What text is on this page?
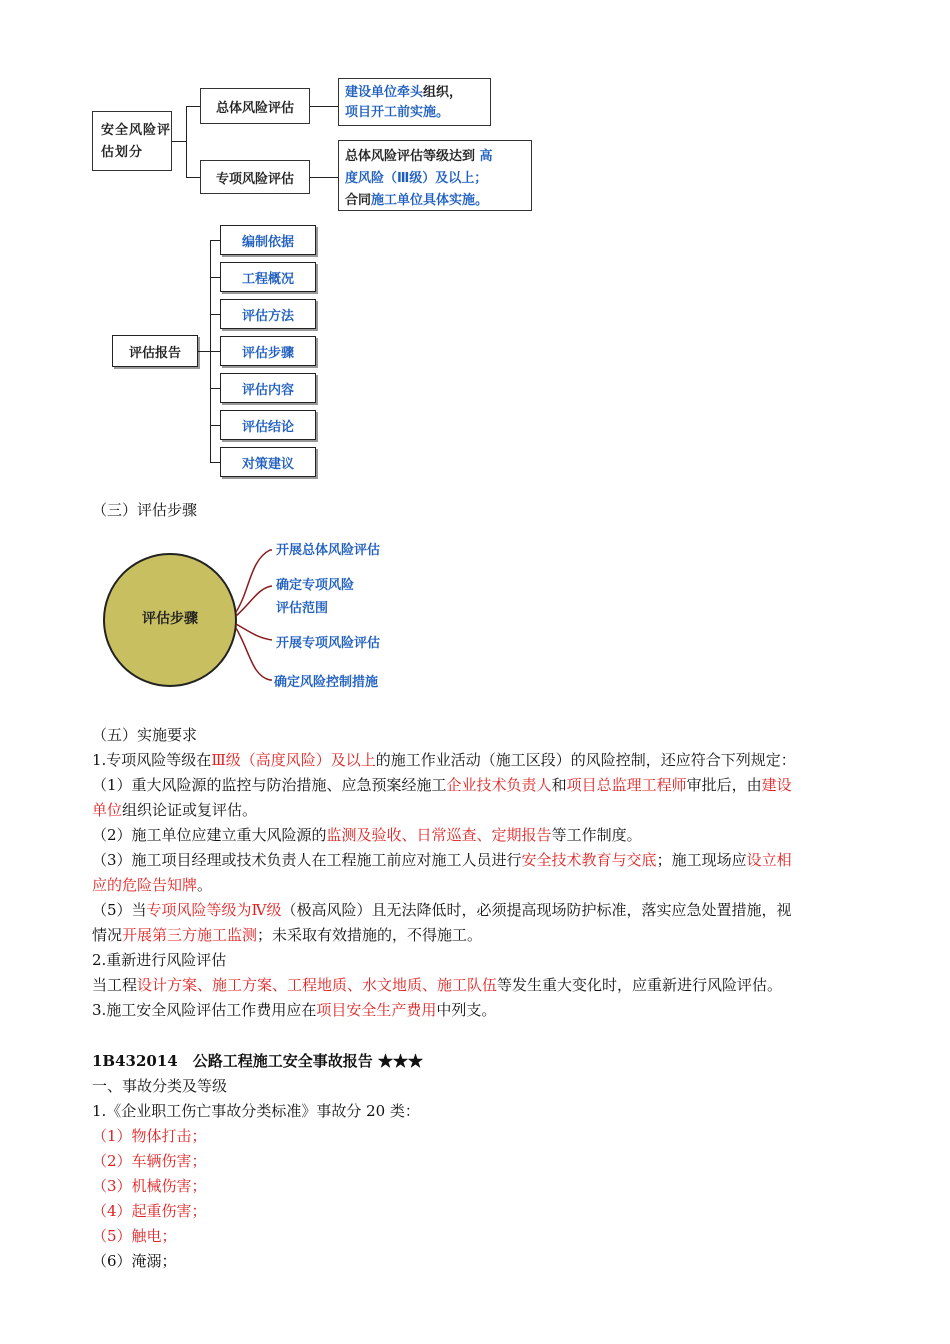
安全风险评估划分
总体风险评估
专项风险评估
建设单位牵头组织，
项目开工前实施。
总体风险评估等级达到 高
度风险（Ⅲ级）及以上；
合同施工单位具体实施。
评估报告
编制依据
工程概况
评估方法
评估步骤
评估内容
评估结论
对策建议
（三）评估步骤
评估步骤
开展总体风险评估
确定专项风险
评估范围
开展专项风险评估
确定风险控制措施
（五）实施要求
1.专项风险等级在Ⅲ级（高度风险）及以上的施工作业活动（施工区段）的风险控制，还应符合下列规定：
（1）重大风险源的监控与防治措施、应急预案经施工企业技术负责人和项目总监理工程师审批后，由建设
单位组织论证或复评估。
（2）施工单位应建立重大风险源的监测及验收、日常巡查、定期报告等工作制度。
（3）施工项目经理或技术负责人在工程施工前应对施工人员进行安全技术教育与交底；施工现场应设立相
应的危险告知牌。
（5）当专项风险等级为Ⅳ级（极高风险）且无法降低时，必须提高现场防护标准，落实应急处置措施，视
情况开展第三方施工监测；未采取有效措施的，不得施工。
2.重新进行风险评估
当工程设计方案、施工方案、工程地质、水文地质、施工队伍等发生重大变化时，应重新进行风险评估。
3.施工安全风险评估工作费用应在项目安全生产费用中列支。
1B432014　公路工程施工安全事故报告 ★★★
一、事故分类及等级
1.《企业职工伤亡事故分类标准》事故分 20 类：
（1）物体打击；
（2）车辆伤害；
（3）机械伤害；
（4）起重伤害；
（5）触电；
（6）淹溺；
